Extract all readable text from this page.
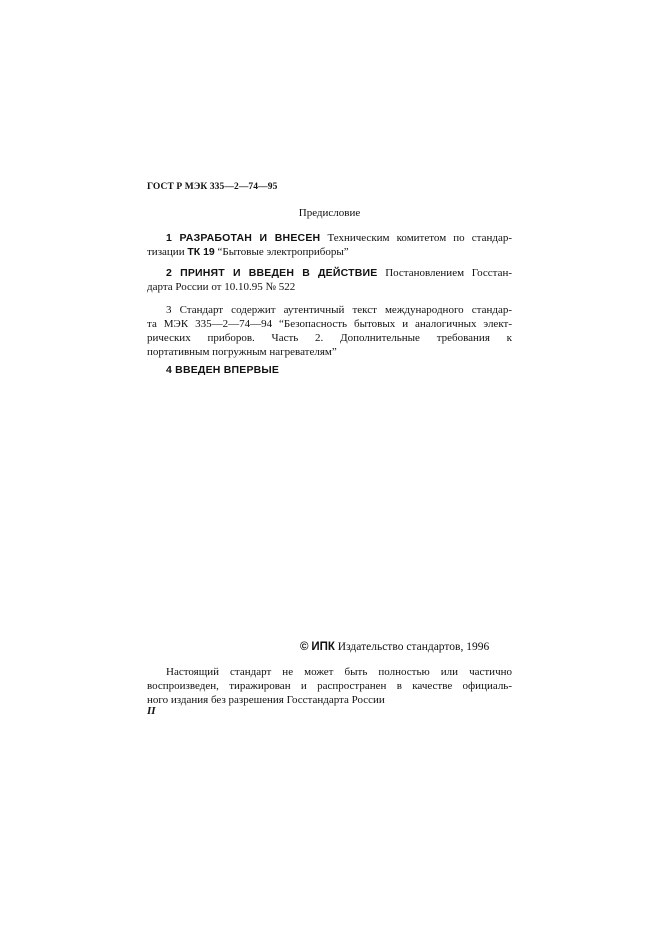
ГОСТ Р МЭК 335—2—74—95
Предисловие
1 РАЗРАБОТАН И ВНЕСЕН Техническим комитетом по стандар-
тизации ТК 19 “Бытовые электроприборы”
2 ПРИНЯТ И ВВЕДЕН В ДЕЙСТВИЕ Постановлением Госстан-
дарта России от 10.10.95 № 522
3 Стандарт содержит аутентичный текст международного стандар-
та МЭК 335—2—74—94 “Безопасность бытовых и аналогичных элект-
рических приборов. Часть 2. Дополнительные требования к
портативным погружным нагревателям”
4 ВВЕДЕН ВПЕРВЫЕ
© ИПК Издательство стандартов, 1996
Настоящий стандарт не может быть полностью или частично
воспроизведен, тиражирован и распространен в качестве официаль-
ного издания без разрешения Госстандарта России
II
